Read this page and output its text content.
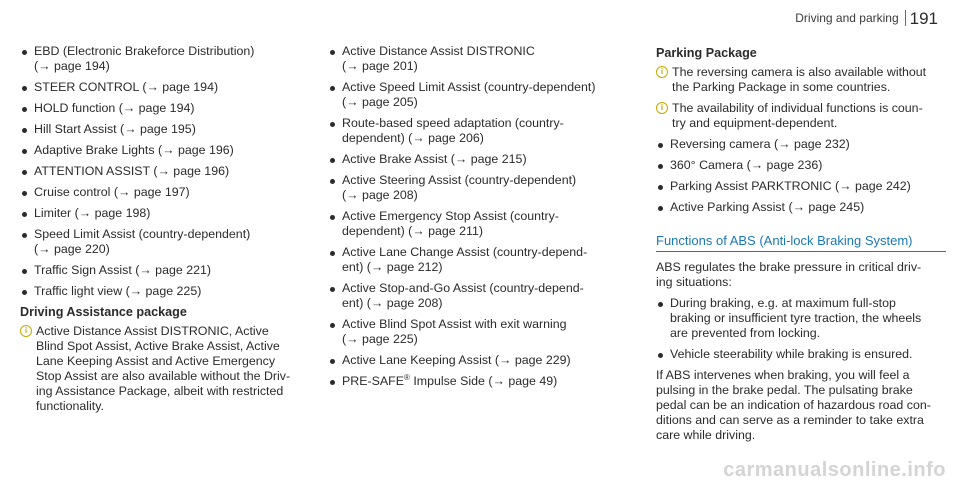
Driving and parking 191
EBD (Electronic Brakeforce Distribution)
(→ page 194)
STEER CONTROL (→ page 194)
HOLD function (→ page 194)
Hill Start Assist (→ page 195)
Adaptive Brake Lights (→ page 196)
ATTENTION ASSIST (→ page 196)
Cruise control (→ page 197)
Limiter (→ page 198)
Speed Limit Assist (country-dependent)
(→ page 220)
Traffic Sign Assist (→ page 221)
Traffic light view (→ page 225)
Driving Assistance package
i Active Distance Assist DISTRONIC, Active
Blind Spot Assist, Active Brake Assist, Active
Lane Keeping Assist and Active Emergency
Stop Assist are also available without the Driv-
ing Assistance Package, albeit with restricted
functionality.
Active Distance Assist DISTRONIC
(→ page 201)
Active Speed Limit Assist (country-dependent)
(→ page 205)
Route-based speed adaptation (country-
dependent) (→ page 206)
Active Brake Assist (→ page 215)
Active Steering Assist (country-dependent)
(→ page 208)
Active Emergency Stop Assist (country-
dependent) (→ page 211)
Active Lane Change Assist (country-depend-
ent) (→ page 212)
Active Stop-and-Go Assist (country-depend-
ent) (→ page 208)
Active Blind Spot Assist with exit warning
(→ page 225)
Active Lane Keeping Assist (→ page 229)
PRE-SAFE® Impulse Side (→ page 49)
Parking Package
i The reversing camera is also available without
the Parking Package in some countries.
i The availability of individual functions is coun-
try and equipment-dependent.
Reversing camera (→ page 232)
360° Camera (→ page 236)
Parking Assist PARKTRONIC (→ page 242)
Active Parking Assist (→ page 245)
Functions of ABS (Anti-lock Braking System)

ABS regulates the brake pressure in critical driv-
ing situations:

During braking, e.g. at maximum full-stop
braking or insufficient tyre traction, the wheels
are prevented from locking.
Vehicle steerability while braking is ensured.

If ABS intervenes when braking, you will feel a
pulsing in the brake pedal. The pulsating brake
pedal can be an indication of hazardous road con-
ditions and can serve as a reminder to take extra
care while driving.

carmanualsonline.info
